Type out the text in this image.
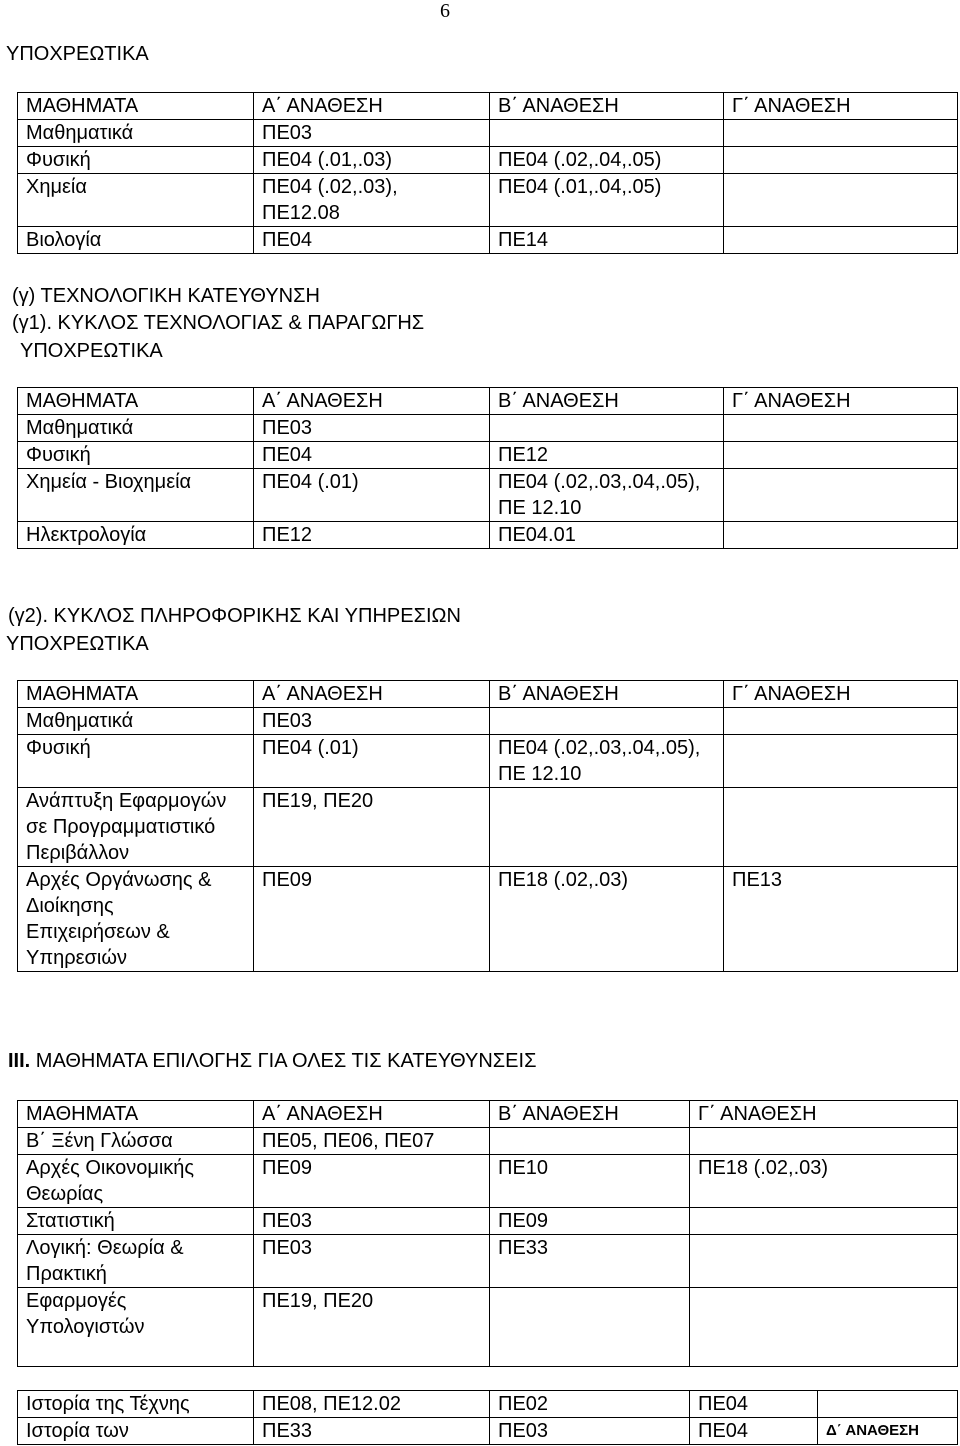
6
ΥΠΟΧΡΕΩΤΙΚΑ
ΜΑΘΗΜΑΤΑ	Α΄ ΑΝΑΘΕΣΗ	Β΄ ΑΝΑΘΕΣΗ	Γ΄ ΑΝΑΘΕΣΗ
Μαθηματικά	ΠΕ03		
Φυσική	ΠΕ04 (.01,.03)	ΠΕ04 (.02,.04,.05)	
Χημεία	ΠΕ04 (.02,.03), ΠΕ12.08	ΠΕ04 (.01,.04,.05)	
Βιολογία	ΠΕ04	ΠΕ14	
(γ) ΤΕΧΝΟΛΟΓΙΚΗ ΚΑΤΕΥΘΥΝΣΗ
(γ1). ΚΥΚΛΟΣ ΤΕΧΝΟΛΟΓΙΑΣ & ΠΑΡΑΓΩΓΗΣ
ΥΠΟΧΡΕΩΤΙΚΑ
ΜΑΘΗΜΑΤΑ	Α΄ ΑΝΑΘΕΣΗ	Β΄ ΑΝΑΘΕΣΗ	Γ΄ ΑΝΑΘΕΣΗ
Μαθηματικά	ΠΕ03		
Φυσική	ΠΕ04	ΠΕ12	
Χημεία - Βιοχημεία	ΠΕ04 (.01)	ΠΕ04 (.02,.03,.04,.05), ΠΕ 12.10	
Ηλεκτρολογία	ΠΕ12	ΠΕ04.01	
(γ2). ΚΥΚΛΟΣ ΠΛΗΡΟΦΟΡΙΚΗΣ ΚΑΙ ΥΠΗΡΕΣΙΩΝ
ΥΠΟΧΡΕΩΤΙΚΑ
ΜΑΘΗΜΑΤΑ	Α΄ ΑΝΑΘΕΣΗ	Β΄ ΑΝΑΘΕΣΗ	Γ΄ ΑΝΑΘΕΣΗ
Μαθηματικά	ΠΕ03		
Φυσική	ΠΕ04 (.01)	ΠΕ04 (.02,.03,.04,.05), ΠΕ 12.10	
Ανάπτυξη Εφαρμογών σε Προγραμματιστικό Περιβάλλον	ΠΕ19, ΠΕ20		
Αρχές Οργάνωσης & Διοίκησης Επιχειρήσεων & Υπηρεσιών	ΠΕ09	ΠΕ18 (.02,.03)	ΠΕ13
ΙΙΙ. ΜΑΘΗΜΑΤΑ ΕΠΙΛΟΓΗΣ ΓΙΑ ΟΛΕΣ ΤΙΣ ΚΑΤΕΥΘΥΝΣΕΙΣ
ΜΑΘΗΜΑΤΑ	Α΄ ΑΝΑΘΕΣΗ	Β΄ ΑΝΑΘΕΣΗ	Γ΄ ΑΝΑΘΕΣΗ
Β΄ Ξένη Γλώσσα	ΠΕ05, ΠΕ06, ΠΕ07		
Αρχές Οικονομικής Θεωρίας	ΠΕ09	ΠΕ10	ΠΕ18 (.02,.03)
Στατιστική	ΠΕ03	ΠΕ09	
Λογική: Θεωρία & Πρακτική	ΠΕ03	ΠΕ33	
Εφαρμογές Υπολογιστών	ΠΕ19, ΠΕ20		
Ιστορία της Τέχνης	ΠΕ08, ΠΕ12.02	ΠΕ02	ΠΕ04	
Ιστορία των	ΠΕ33	ΠΕ03	ΠΕ04	Δ΄ ΑΝΑΘΕΣΗ
